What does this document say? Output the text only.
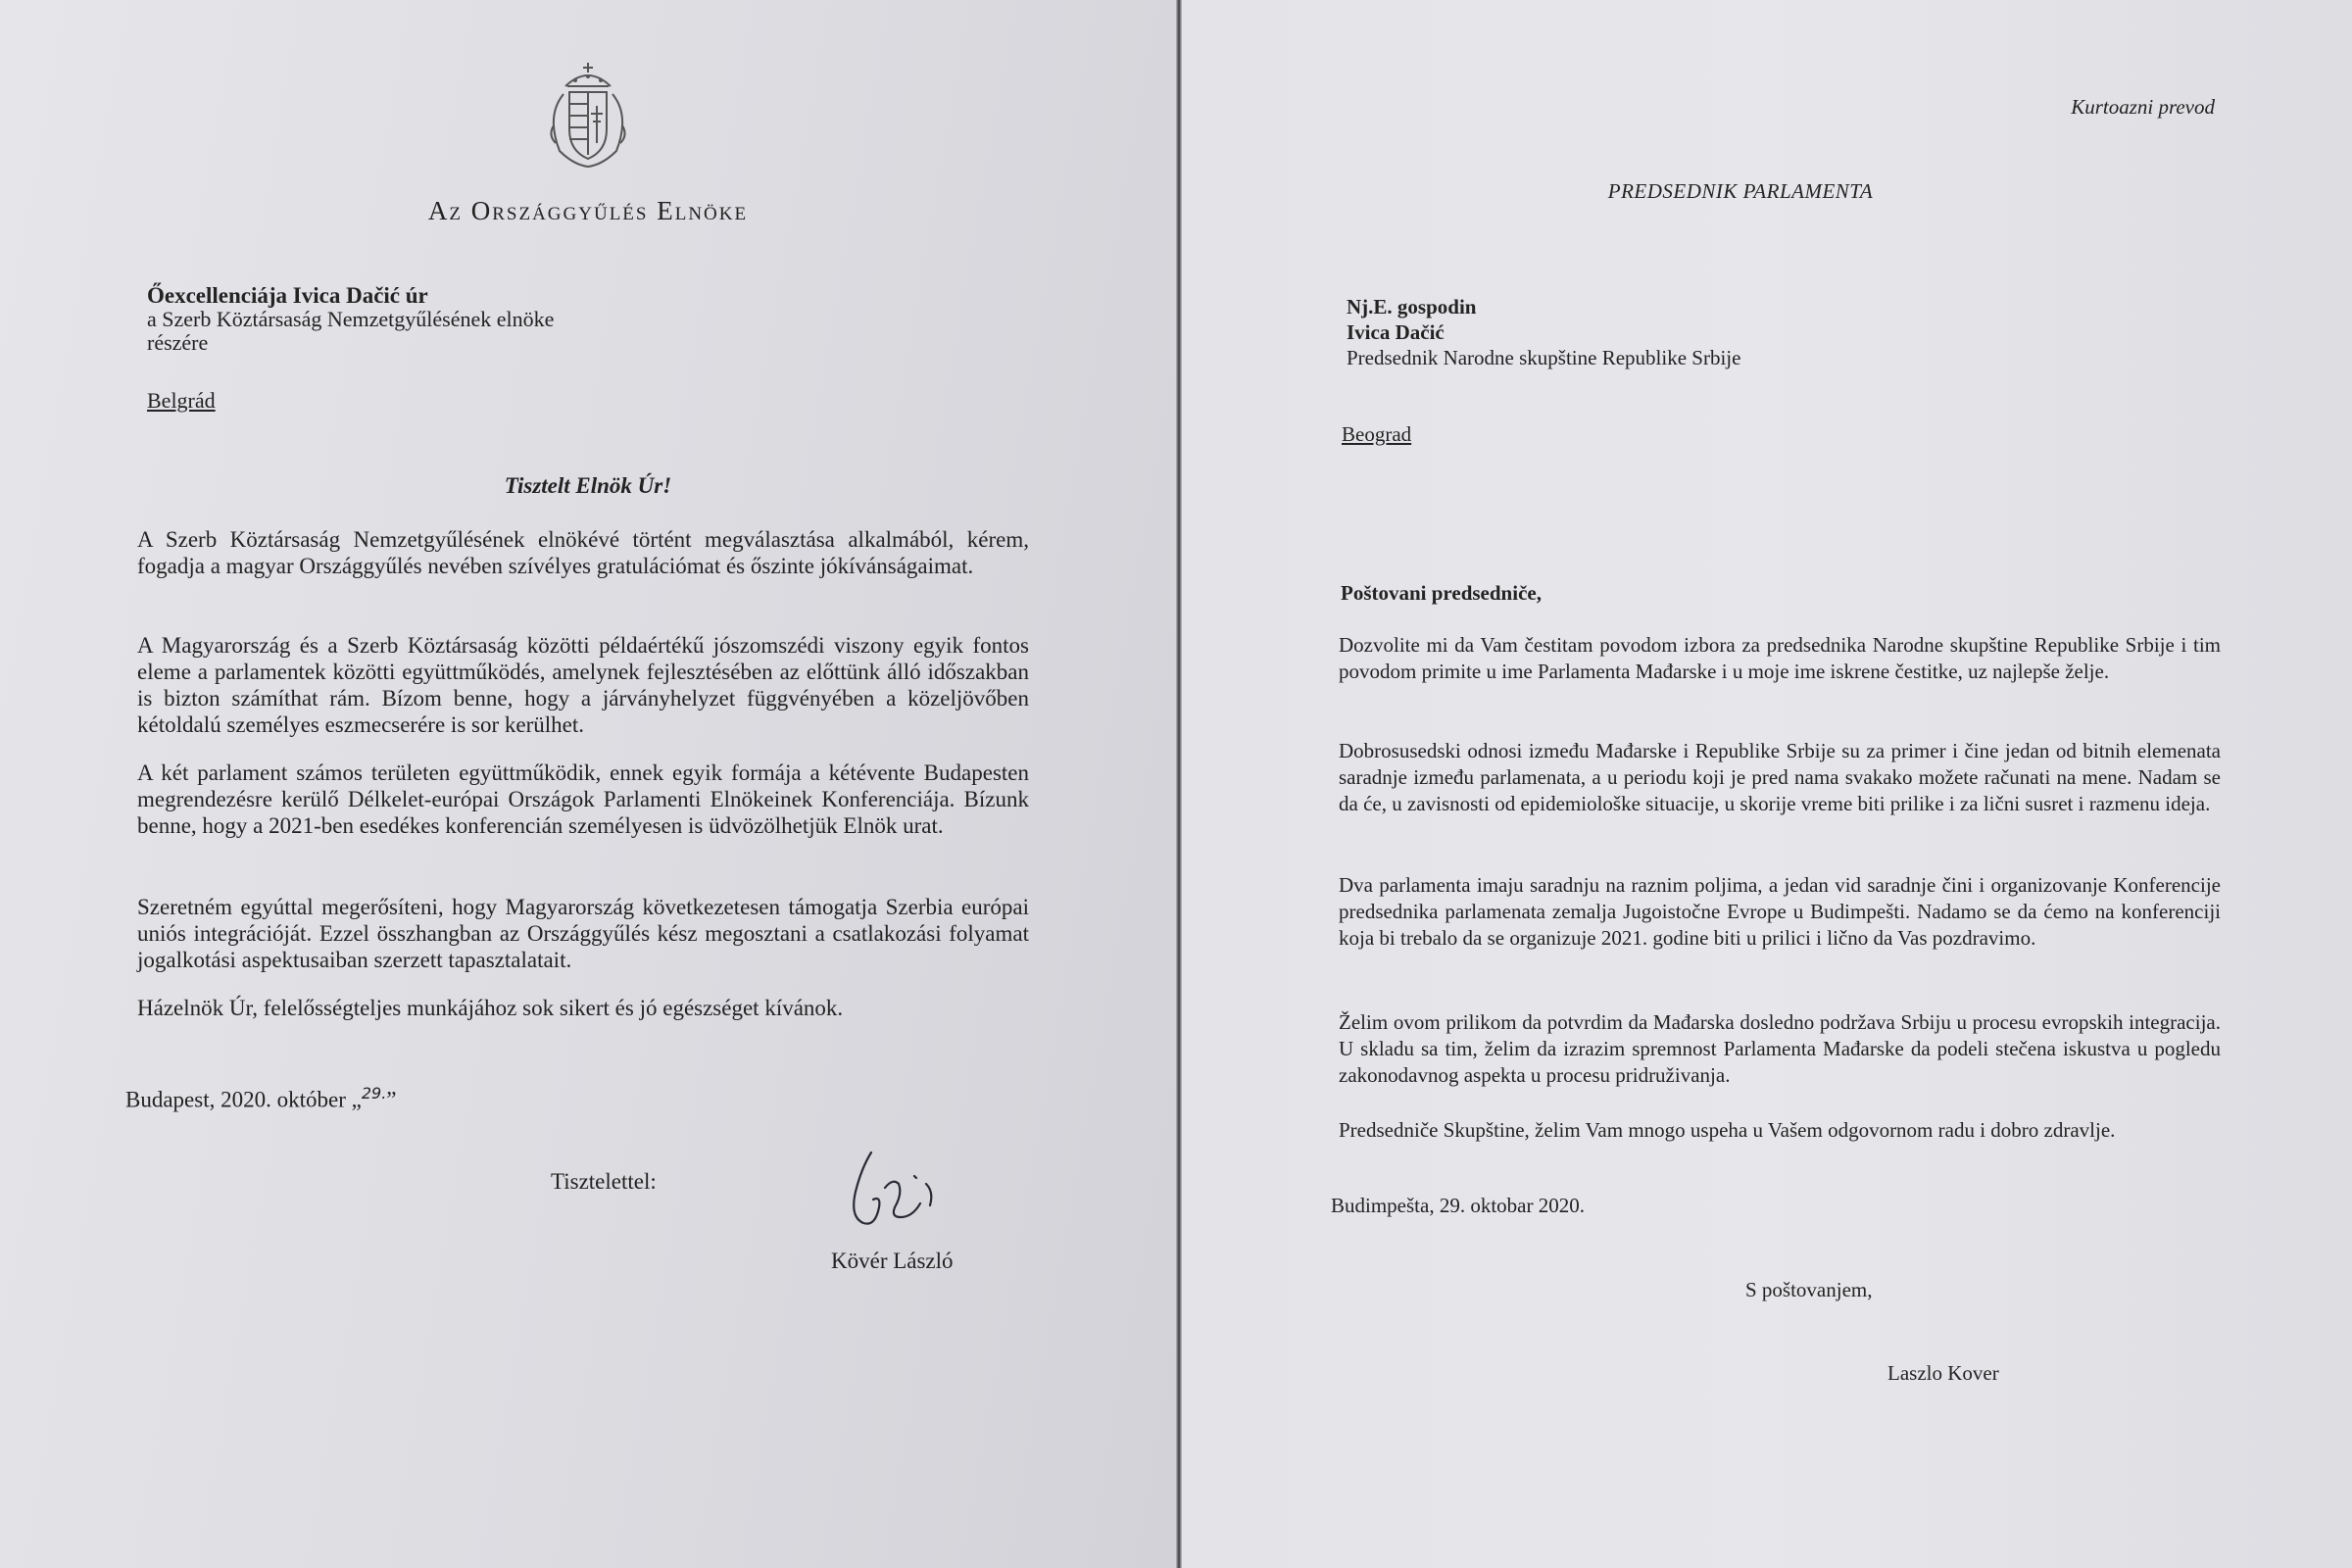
Az Országgyűlés Elnöke
Őexcellenciája Ivica Dačić úr
a Szerb Köztársaság Nemzetgyűlésének elnöke
részére
Belgrád
Tisztelt Elnök Úr!
A Szerb Köztársaság Nemzetgyűlésének elnökévé történt megválasztása alkalmából, kérem, fogadja a magyar Országgyűlés nevében szívélyes gratulációmat és őszinte jókívánságaimat.
A Magyarország és a Szerb Köztársaság közötti példaértékű jószomszédi viszony egyik fontos eleme a parlamentek közötti együttműködés, amelynek fejlesztésében az előttünk álló időszakban is bizton számíthat rám. Bízom benne, hogy a járványhelyzet függvényében a közeljövőben kétoldalú személyes eszmecserére is sor kerülhet.
A két parlament számos területen együttműködik, ennek egyik formája a kétévente Budapesten megrendezésre kerülő Délkelet-európai Országok Parlamenti Elnökeinek Konferenciája. Bízunk benne, hogy a 2021-ben esedékes konferencián személyesen is üdvözölhetjük Elnök urat.
Szeretném egyúttal megerősíteni, hogy Magyarország következetesen támogatja Szerbia európai uniós integrációját. Ezzel összhangban az Országgyűlés kész megosztani a csatlakozási folyamat jogalkotási aspektusaiban szerzett tapasztalatait.
Házelnök Úr, felelősségteljes munkájához sok sikert és jó egészséget kívánok.
Budapest, 2020. október „$^{29.}$”
Tisztelettel:
Kövér László
Kurtoazni prevod
PREDSEDNIK PARLAMENTA
Nj.E. gospodin
Ivica Dačić
Predsednik Narodne skupštine Republike Srbije
Beograd
Poštovani predsedniče,
Dozvolite mi da Vam čestitam povodom izbora za predsednika Narodne skupštine Republike Srbije i tim povodom primite u ime Parlamenta Mađarske i u moje ime iskrene čestitke, uz najlepše želje.
Dobrosusedski odnosi između Mađarske i Republike Srbije su za primer i čine jedan od bitnih elemenata saradnje između parlamenata, a u periodu koji je pred nama svakako možete računati na mene. Nadam se da će, u zavisnosti od epidemiološke situacije, u skorije vreme biti prilike i za lični susret i razmenu ideja.
Dva parlamenta imaju saradnju na raznim poljima, a jedan vid saradnje čini i organizovanje Konferencije predsednika parlamenata zemalja Jugoistočne Evrope u Budimpešti. Nadamo se da ćemo na konferenciji koja bi trebalo da se organizuje 2021. godine biti u prilici i lično da Vas pozdravimo.
Želim ovom prilikom da potvrdim da Mađarska dosledno podržava Srbiju u procesu evropskih integracija. U skladu sa tim, želim da izrazim spremnost Parlamenta Mađarske da podeli stečena iskustva u pogledu zakonodavnog aspekta u procesu pridruživanja.
Predsedniče Skupštine, želim Vam mnogo uspeha u Vašem odgovornom radu i dobro zdravlje.
Budimpešta, 29. oktobar 2020.
S poštovanjem,
Laszlo Kover
